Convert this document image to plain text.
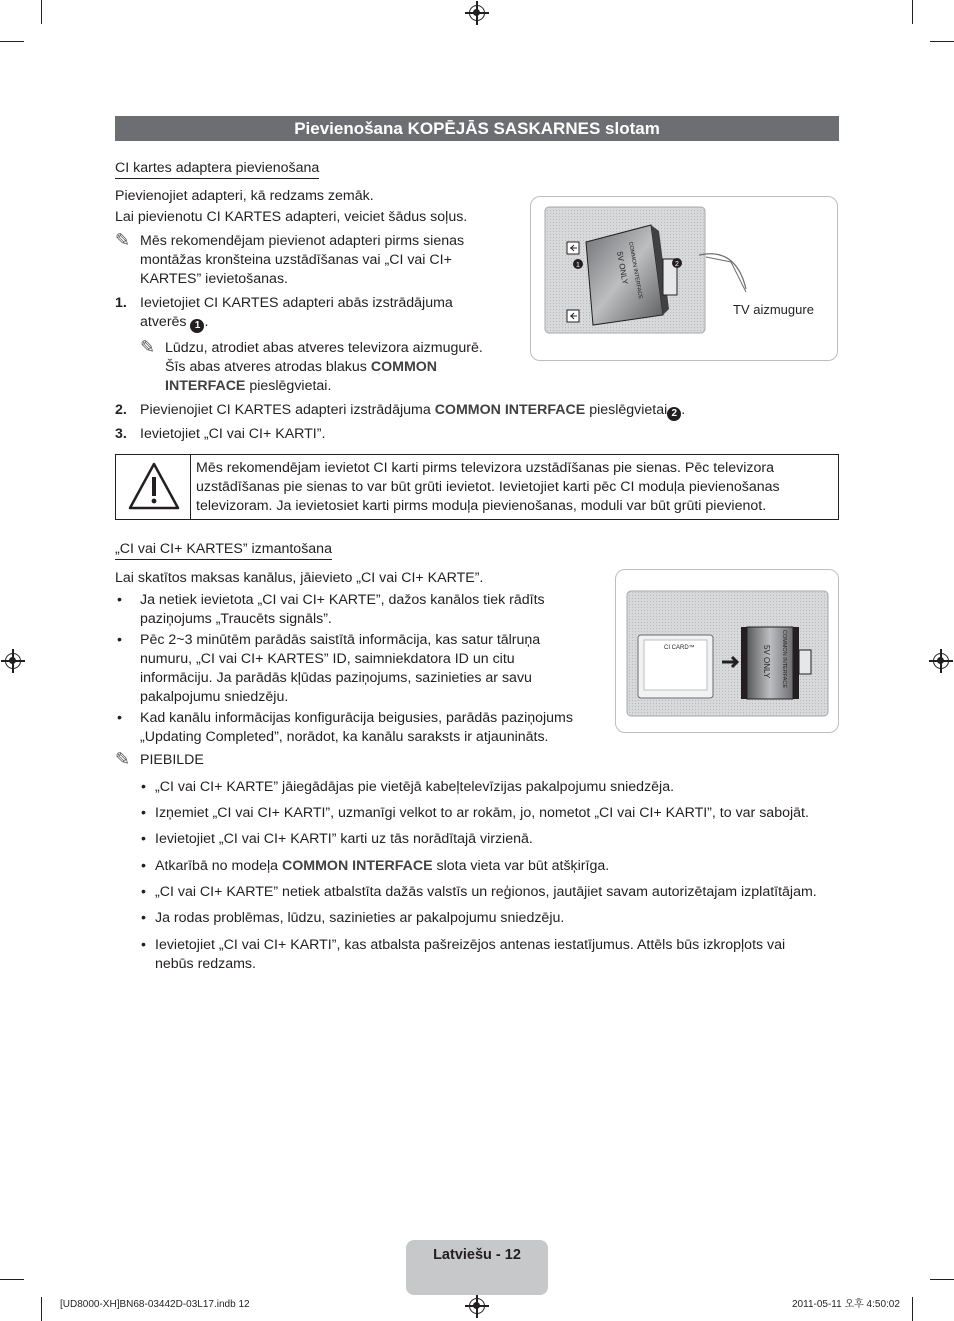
Pievienošana KOPĒJĀS SASKARNES slotam
CI kartes adaptera pievienošana
Pievienojiet adapteri, kā redzams zemāk.
Lai pievienotu CI KARTES adapteri, veiciet šādus soļus.
✎ Mēs rekomendējam pievienot adapteri pirms sienas
montāžas kronšteina uzstādīšanas vai „CI vai CI+
KARTES” ievietošanas.
1. Ievietojiet CI KARTES adapteri abās izstrādājuma
atverēs 1 .
✎ Lūdzu, atrodiet abas atveres televizora aizmugurē.
Šīs abas atveres atrodas blakus COMMON
INTERFACE pieslēgvietai.
2. Pievienojiet CI KARTES adapteri izstrādājuma COMMON INTERFACE pieslēgvietai 2 .
3. Ievietojiet „CI vai CI+ KARTI”.
1	2
COMMON INTERFACE
5V ONLY
TV aizmugure
Mēs rekomendējam ievietot CI karti pirms televizora uzstādīšanas pie sienas. Pēc televizora
uzstādīšanas pie sienas to var būt grūti ievietot. Ievietojiet karti pēc CI moduļa pievienošanas
televizoram. Ja ievietosiet karti pirms moduļa pievienošanas, moduli var būt grūti pievienot.
„CI vai CI+ KARTES” izmantošana
Lai skatītos maksas kanālus, jāievieto „CI vai CI+ KARTE”.
• Ja netiek ievietota „CI vai CI+ KARTE”, dažos kanālos tiek rādīts
paziņojums „Traucēts signāls”.
• Pēc 2~3 minūtēm parādās saistītā informācija, kas satur tālruņa
numuru, „CI vai CI+ KARTES” ID, saimniekdatora ID un citu
informāciju. Ja parādās kļūdas paziņojums, sazinieties ar savu
pakalpojumu sniedzēju.
• Kad kanālu informācijas konfigurācija beigusies, parādās paziņojums
„Updating Completed”, norādot, ka kanālu saraksts ir atjaunināts.
CI CARD™	COMMON INTERFACE
5V ONLY
✎ PIEBILDE
• „CI vai CI+ KARTE” jāiegādājas pie vietējā kabeļtelevīzijas pakalpojumu sniedzēja.
• Izņemiet „CI vai CI+ KARTI”, uzmanīgi velkot to ar rokām, jo, nometot „CI vai CI+ KARTI”, to var sabojāt.
• Ievietojiet „CI vai CI+ KARTI” karti uz tās norādītajā virzienā.
• Atkarībā no modeļa COMMON INTERFACE slota vieta var būt atšķirīga.
• „CI vai CI+ KARTE” netiek atbalstīta dažās valstīs un reģionos, jautājiet savam autorizētajam izplatītājam.
• Ja rodas problēmas, lūdzu, sazinieties ar pakalpojumu sniedzēju.
• Ievietojiet „CI vai CI+ KARTI”, kas atbalsta pašreizējos antenas iestatījumus. Attēls būs izkropļots vai
nebūs redzams.
Latviešu - 12
[UD8000-XH]BN68-03442D-03L17.indb 12	2011-05-11 오후 4:50:02
